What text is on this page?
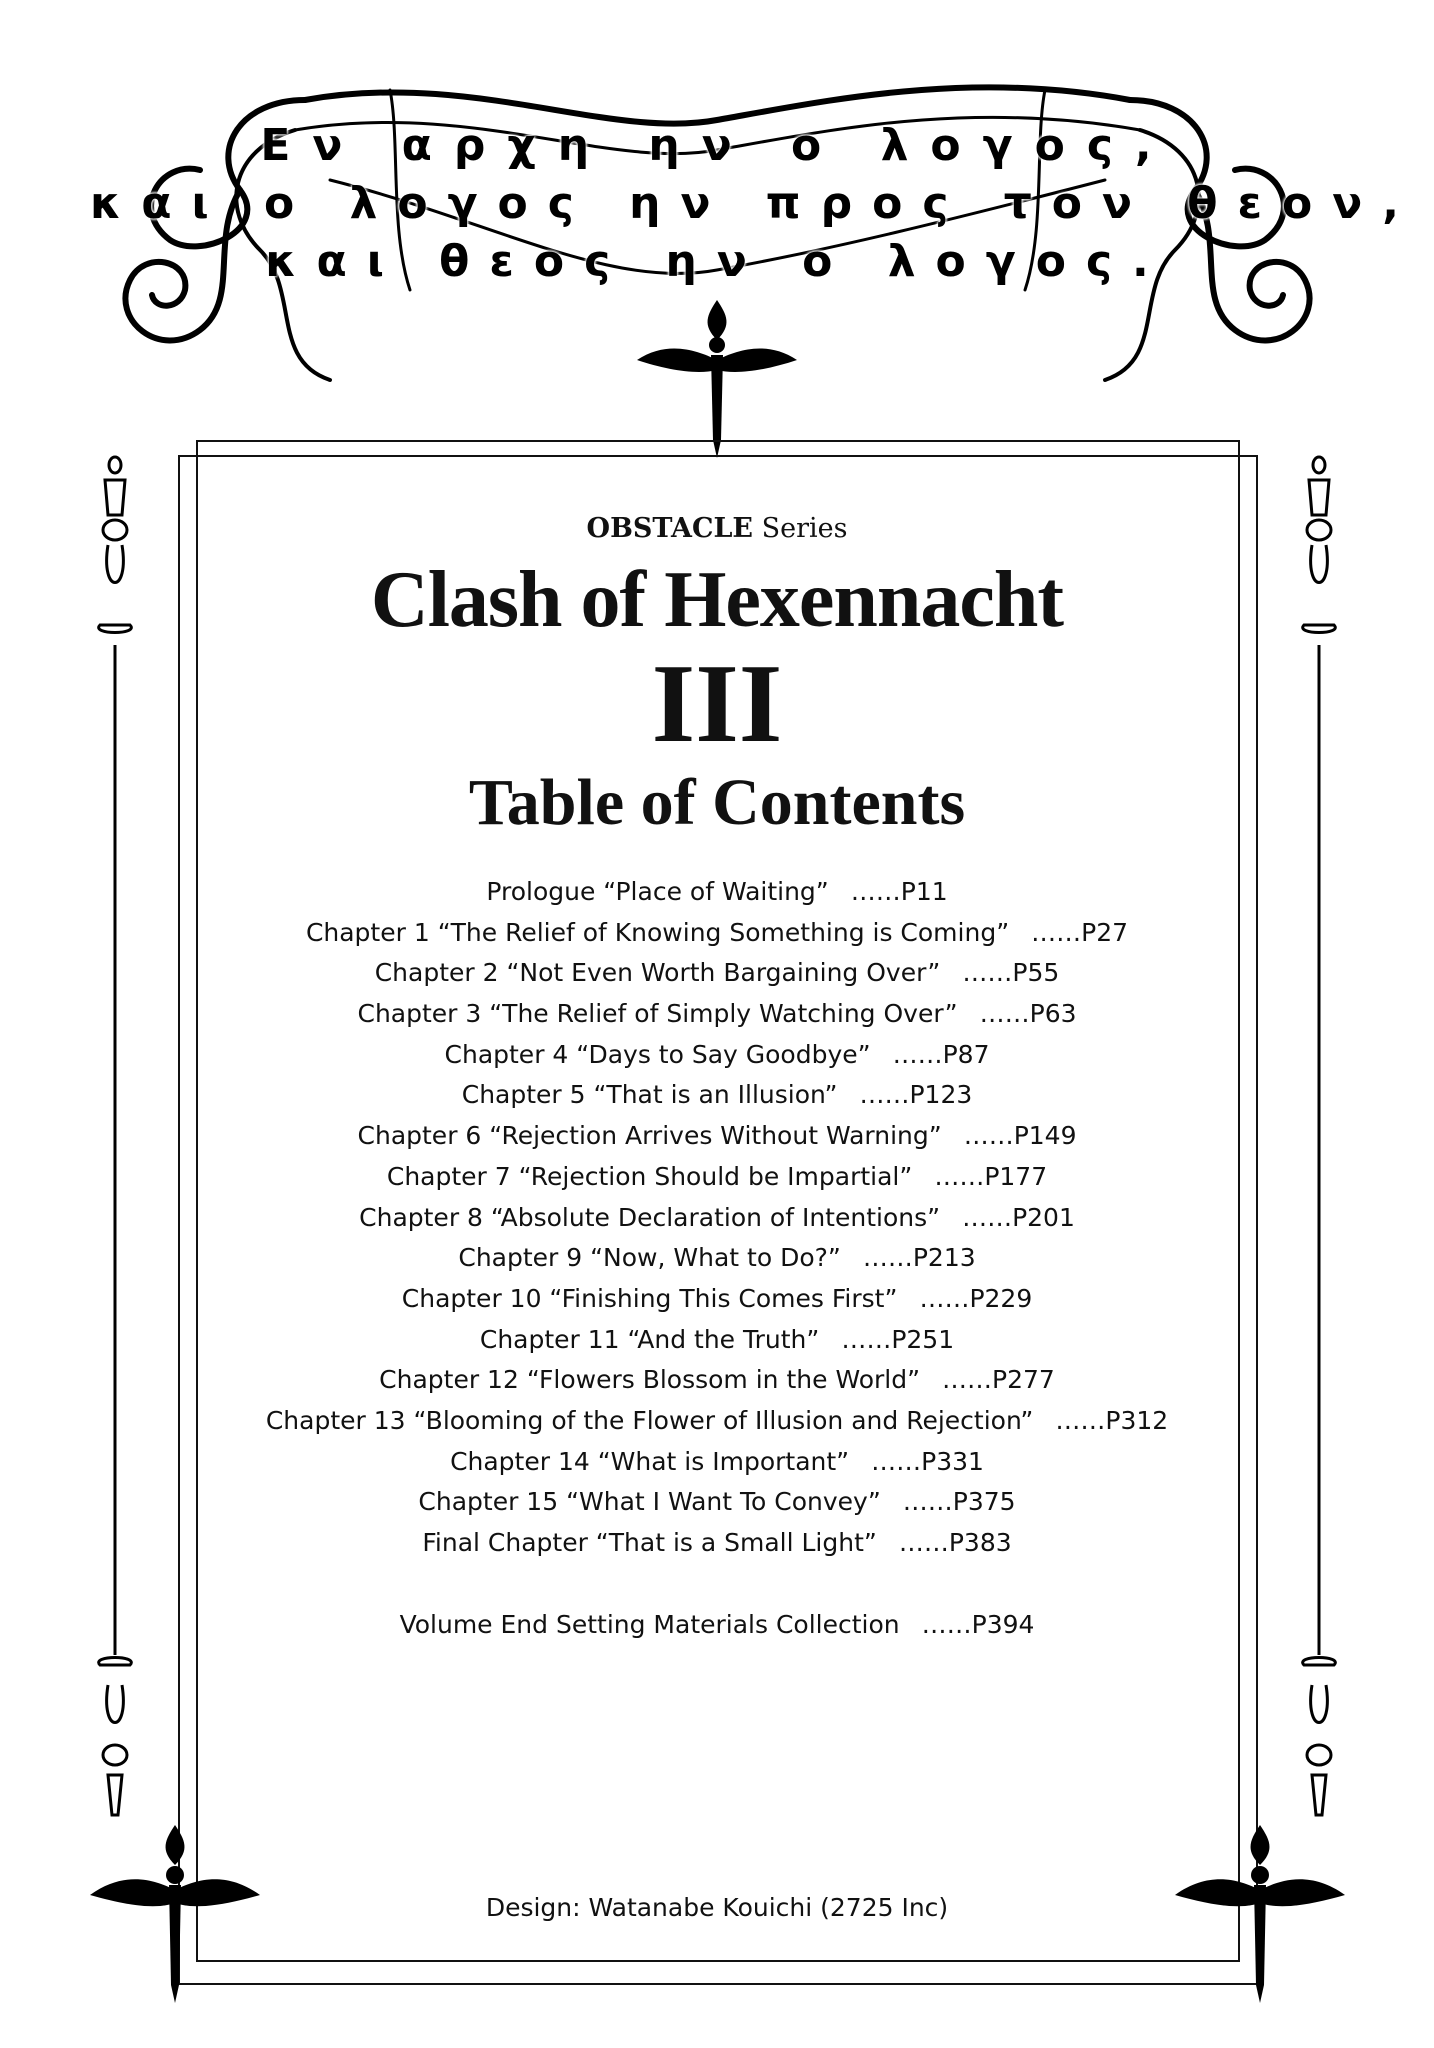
Εν αρχη ην ο λογος,
και ο λογος ην προς τον θεον,
και θεος ην ο λογος.
OBSTACLE Series
Clash of Hexennacht
III
Table of Contents
Prologue “Place of Waiting” ……P11
Chapter 1 “The Relief of Knowing Something is Coming” ……P27
Chapter 2 “Not Even Worth Bargaining Over” ……P55
Chapter 3 “The Relief of Simply Watching Over” ……P63
Chapter 4 “Days to Say Goodbye” ……P87
Chapter 5 “That is an Illusion” ……P123
Chapter 6 “Rejection Arrives Without Warning” ……P149
Chapter 7 “Rejection Should be Impartial” ……P177
Chapter 8 “Absolute Declaration of Intentions” ……P201
Chapter 9 “Now, What to Do?” ……P213
Chapter 10 “Finishing This Comes First” ……P229
Chapter 11 “And the Truth” ……P251
Chapter 12 “Flowers Blossom in the World” ……P277
Chapter 13 “Blooming of the Flower of Illusion and Rejection” ……P312
Chapter 14 “What is Important” ……P331
Chapter 15 “What I Want To Convey” ……P375
Final Chapter “That is a Small Light” ……P383
Volume End Setting Materials Collection ……P394
Design: Watanabe Kouichi (2725 Inc)
